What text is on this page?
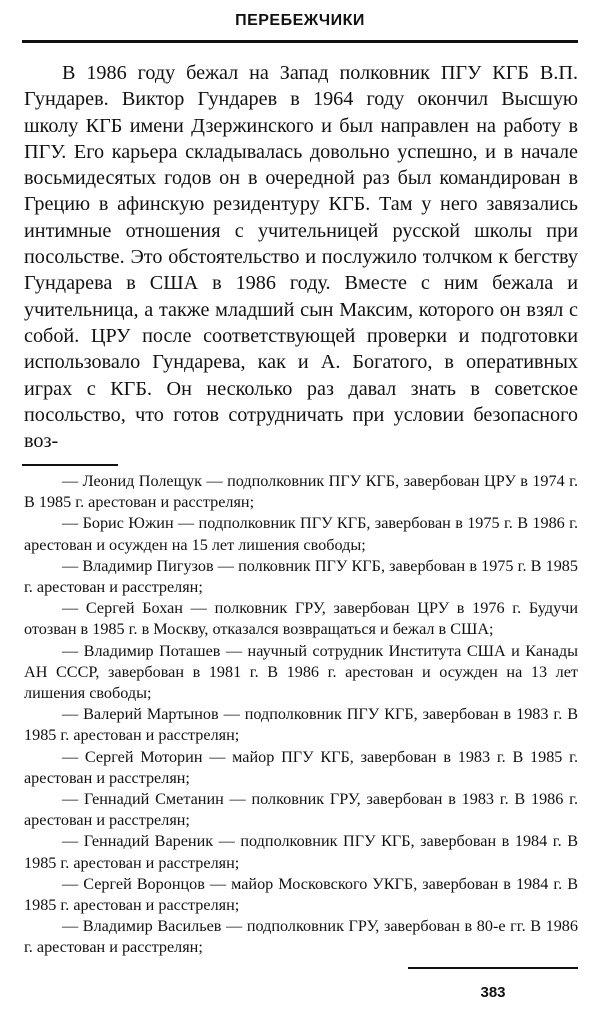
ПЕРЕБЕЖЧИКИ

В 1986 году бежал на Запад полковник ПГУ КГБ В.П. Гундарев. Виктор Гундарев в 1964 году окончил Высшую школу КГБ имени Дзержинского и был направлен на работу в ПГУ. Его карьера складывалась довольно успешно, и в начале восьмидесятых годов он в очередной раз был командирован в Грецию в афинскую резидентуру КГБ. Там у него завязались интимные отношения с учительницей русской школы при посольстве. Это обстоятельство и послужило толчком к бегству Гундарева в США в 1986 году. Вместе с ним бежала и учительница, а также младший сын Максим, которого он взял с собой. ЦРУ после соответствующей проверки и подготовки использовало Гундарева, как и А. Богатого, в оперативных играх с КГБ. Он несколько раз давал знать в советское посольство, что готов сотрудничать при условии безопасного воз-

— Леонид Полещук — подполковник ПГУ КГБ, завербован ЦРУ в 1974 г. В 1985 г. арестован и расстрелян;
— Борис Южин — подполковник ПГУ КГБ, завербован в 1975 г. В 1986 г. арестован и осужден на 15 лет лишения свободы;
— Владимир Пигузов — полковник ПГУ КГБ, завербован в 1975 г. В 1985 г. арестован и расстрелян;
— Сергей Бохан — полковник ГРУ, завербован ЦРУ в 1976 г. Будучи отозван в 1985 г. в Москву, отказался возвращаться и бежал в США;
— Владимир Поташев — научный сотрудник Института США и Канады АН СССР, завербован в 1981 г. В 1986 г. арестован и осужден на 13 лет лишения свободы;
— Валерий Мартынов — подполковник ПГУ КГБ, завербован в 1983 г. В 1985 г. арестован и расстрелян;
— Сергей Моторин — майор ПГУ КГБ, завербован в 1983 г. В 1985 г. арестован и расстрелян;
— Геннадий Сметанин — полковник ГРУ, завербован в 1983 г. В 1986 г. арестован и расстрелян;
— Геннадий Вареник — подполковник ПГУ КГБ, завербован в 1984 г. В 1985 г. арестован и расстрелян;
— Сергей Воронцов — майор Московского УКГБ, завербован в 1984 г. В 1985 г. арестован и расстрелян;
— Владимир Васильев — подполковник ГРУ, завербован в 80-е гг. В 1986 г. арестован и расстрелян;
383
